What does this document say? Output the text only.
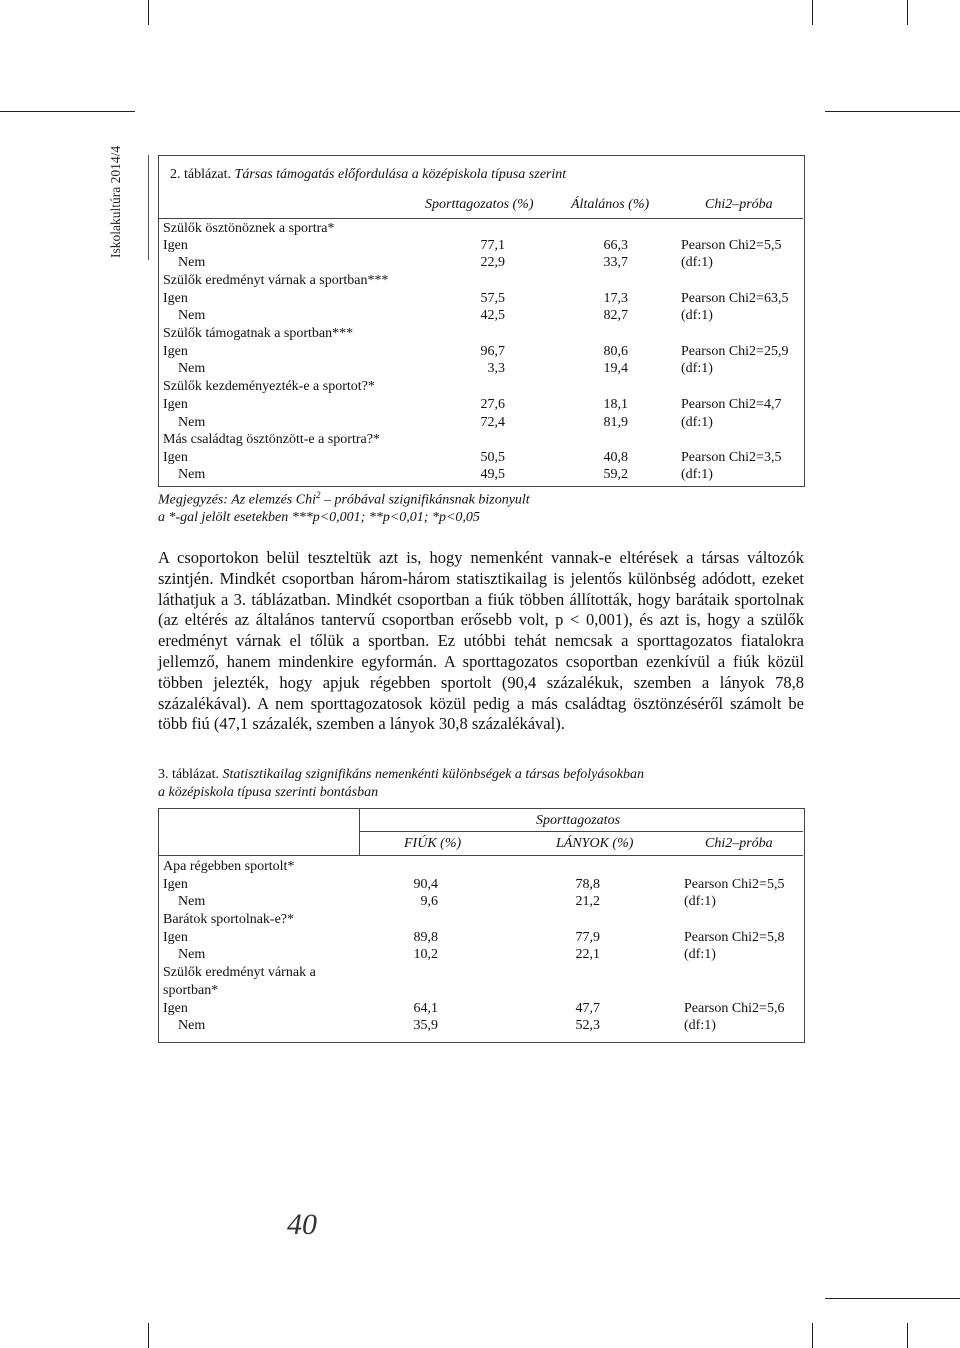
Iskolakultúra 2014/4	2. táblázat. Társas támogatás előfordulása a középiskola típusa szerint
Sporttagozatos (%)	Általános (%)	Chi2–próba
Szülők ösztönöznek a sportra*
Igen	77,1	66,3	Pearson Chi2=5,5
Nem	22,9	33,7	(df:1)
Szülők eredményt várnak a sportban***
Igen	57,5	17,3	Pearson Chi2=63,5
Nem	42,5	82,7	(df:1)
Szülők támogatnak a sportban***
Igen	96,7	80,6	Pearson Chi2=25,9
Nem	3,3	19,4	(df:1)
Szülők kezdeményezték-e a sportot?*
Igen	27,6	18,1	Pearson Chi2=4,7
Nem	72,4	81,9	(df:1)
Más családtag ösztönzött-e a sportra?*
Igen	50,5	40,8	Pearson Chi2=3,5
Nem	49,5	59,2	(df:1)
Megjegyzés: Az elemzés Chi$^2$ – próbával szignifikánsnak bizonyult
a *-gal jelölt esetekben ***p<0,001; **p<0,01; *p<0,05
A csoportokon belül teszteltük azt is, hogy nemenként vannak-e eltérések a társas változók szintjén. Mindkét csoportban három-három statisztikailag is jelentős különbség adódott, ezeket láthatjuk a 3. táblázatban. Mindkét csoportban a fiúk többen állították, hogy barátaik sportolnak (az eltérés az általános tantervű csoportban erősebb volt, p < 0,001), és azt is, hogy a szülők eredményt várnak el tőlük a sportban. Ez utóbbi tehát nemcsak a sporttagozatos fiatalokra jellemző, hanem mindenkire egyformán. A sporttagozatos csoportban ezenkívül a fiúk közül többen jelezték, hogy apjuk régebben sportolt (90,4 százalékuk, szemben a lányok 78,8 százalékával). A nem sporttagozatosok közül pedig a más családtag ösztönzéséről számolt be több fiú (47,1 százalék, szemben a lányok 30,8 százalékával).
3. táblázat. Statisztikailag szignifikáns nemenkénti különbségek a társas befolyásokban
a középiskola típusa szerinti bontásban
Sporttagozatos
FIÚK (%)	LÁNYOK (%)	Chi2–próba
Apa régebben sportolt*
Igen	90,4	78,8	Pearson Chi2=5,5
Nem	9,6	21,2	(df:1)
Barátok sportolnak-e?*
Igen	89,8	77,9	Pearson Chi2=5,8
Nem	10,2	22,1	(df:1)
Szülők eredményt várnak a
sportban*
Igen	64,1	47,7	Pearson Chi2=5,6
Nem	35,9	52,3	(df:1)
40
